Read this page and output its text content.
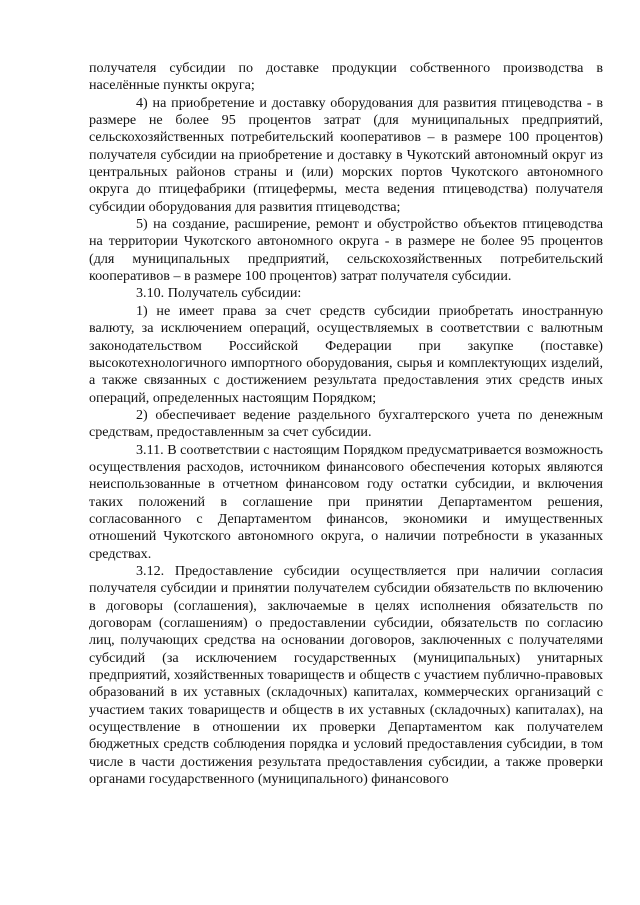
получателя субсидии по доставке продукции собственного производства в населённые пункты округа;

4) на приобретение и доставку оборудования для развития птицеводства - в размере не более 95 процентов затрат (для муниципальных предприятий, сельскохозяйственных потребительский кооперативов – в размере 100 процентов) получателя субсидии на приобретение и доставку в Чукотский автономный округ из центральных районов страны и (или) морских портов Чукотского автономного округа до птицефабрики (птицефермы, места ведения птицеводства) получателя субсидии оборудования для развития птицеводства;

5) на создание, расширение, ремонт и обустройство объектов птицеводства на территории Чукотского автономного округа - в размере не более 95 процентов (для муниципальных предприятий, сельскохозяйственных потребительский кооперативов – в размере 100 процентов) затрат получателя субсидии.

3.10. Получатель субсидии:

1) не имеет права за счет средств субсидии приобретать иностранную валюту, за исключением операций, осуществляемых в соответствии с валютным законодательством Российской Федерации при закупке (поставке) высокотехнологичного импортного оборудования, сырья и комплектующих изделий, а также связанных с достижением результата предоставления этих средств иных операций, определенных настоящим Порядком;

2) обеспечивает ведение раздельного бухгалтерского учета по денежным средствам, предоставленным за счет субсидии.

3.11. В соответствии с настоящим Порядком предусматривается возможность осуществления расходов, источником финансового обеспечения которых являются неиспользованные в отчетном финансовом году остатки субсидии, и включения таких положений в соглашение при принятии Департаментом решения, согласованного с Департаментом финансов, экономики и имущественных отношений Чукотского автономного округа, о наличии потребности в указанных средствах.

3.12. Предоставление субсидии осуществляется при наличии согласия получателя субсидии и принятии получателем субсидии обязательств по включению в договоры (соглашения), заключаемые в целях исполнения обязательств по договорам (соглашениям) о предоставлении субсидии, обязательств по согласию лиц, получающих средства на основании договоров, заключенных с получателями субсидий (за исключением государственных (муниципальных) унитарных предприятий, хозяйственных товариществ и обществ с участием публично-правовых образований в их уставных (складочных) капиталах, коммерческих организаций с участием таких товариществ и обществ в их уставных (складочных) капиталах), на осуществление в отношении их проверки Департаментом как получателем бюджетных средств соблюдения порядка и условий предоставления субсидии, в том числе в части достижения результата предоставления субсидии, а также проверки органами государственного (муниципального) финансового
